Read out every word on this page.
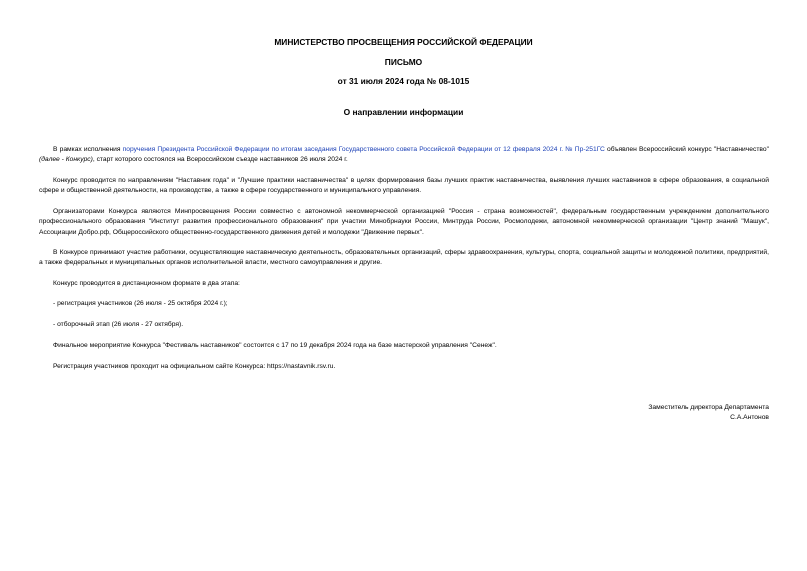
МИНИСТЕРСТВО ПРОСВЕЩЕНИЯ РОССИЙСКОЙ ФЕДЕРАЦИИ
ПИСЬМО
от 31 июля 2024 года № 08-1015
О направлении информации

В рамках исполнения поручения Президента Российской Федерации по итогам заседания Государственного совета Российской Федерации от 12 февраля 2024 г. № Пр-251ГС объявлен Всероссийский конкурс "Наставничество" (далее - Конкурс), старт которого состоялся на Всероссийском съезде наставников 26 июля 2024 г.

Конкурс проводится по направлениям "Наставник года" и "Лучшие практики наставничества" в целях формирования базы лучших практик наставничества, выявления лучших наставников в сфере образования, в социальной сфере и общественной деятельности, на производстве, а также в сфере государственного и муниципального управления.

Организаторами Конкурса являются Минпросвещения России совместно с автономной некоммерческой организацией "Россия - страна возможностей", федеральным государственным учреждением дополнительного профессионального образования "Институт развития профессионального образования" при участии Минобрнауки России, Минтруда России, Росмолодежи, автономной некоммерческой организации "Центр знаний "Машук", Ассоциации Добро.рф, Общероссийского общественно-государственного движения детей и молодежи "Движение первых".

В Конкурсе принимают участие работники, осуществляющие наставническую деятельность, образовательных организаций, сферы здравоохранения, культуры, спорта, социальной защиты и молодежной политики, предприятий, а также федеральных и муниципальных органов исполнительной власти, местного самоуправления и другие.

Конкурс проводится в дистанционном формате в два этапа:

- регистрация участников (26 июля - 25 октября 2024 г.);

- отборочный этап (26 июля - 27 октября).

Финальное мероприятие Конкурса "Фестиваль наставников" состоится с 17 по 19 декабря 2024 года на базе мастерской управления "Сенеж".

Регистрация участников проходит на официальном сайте Конкурса: https://nastavnik.rsv.ru.

Заместитель директора Департамента
С.А.Антонов
